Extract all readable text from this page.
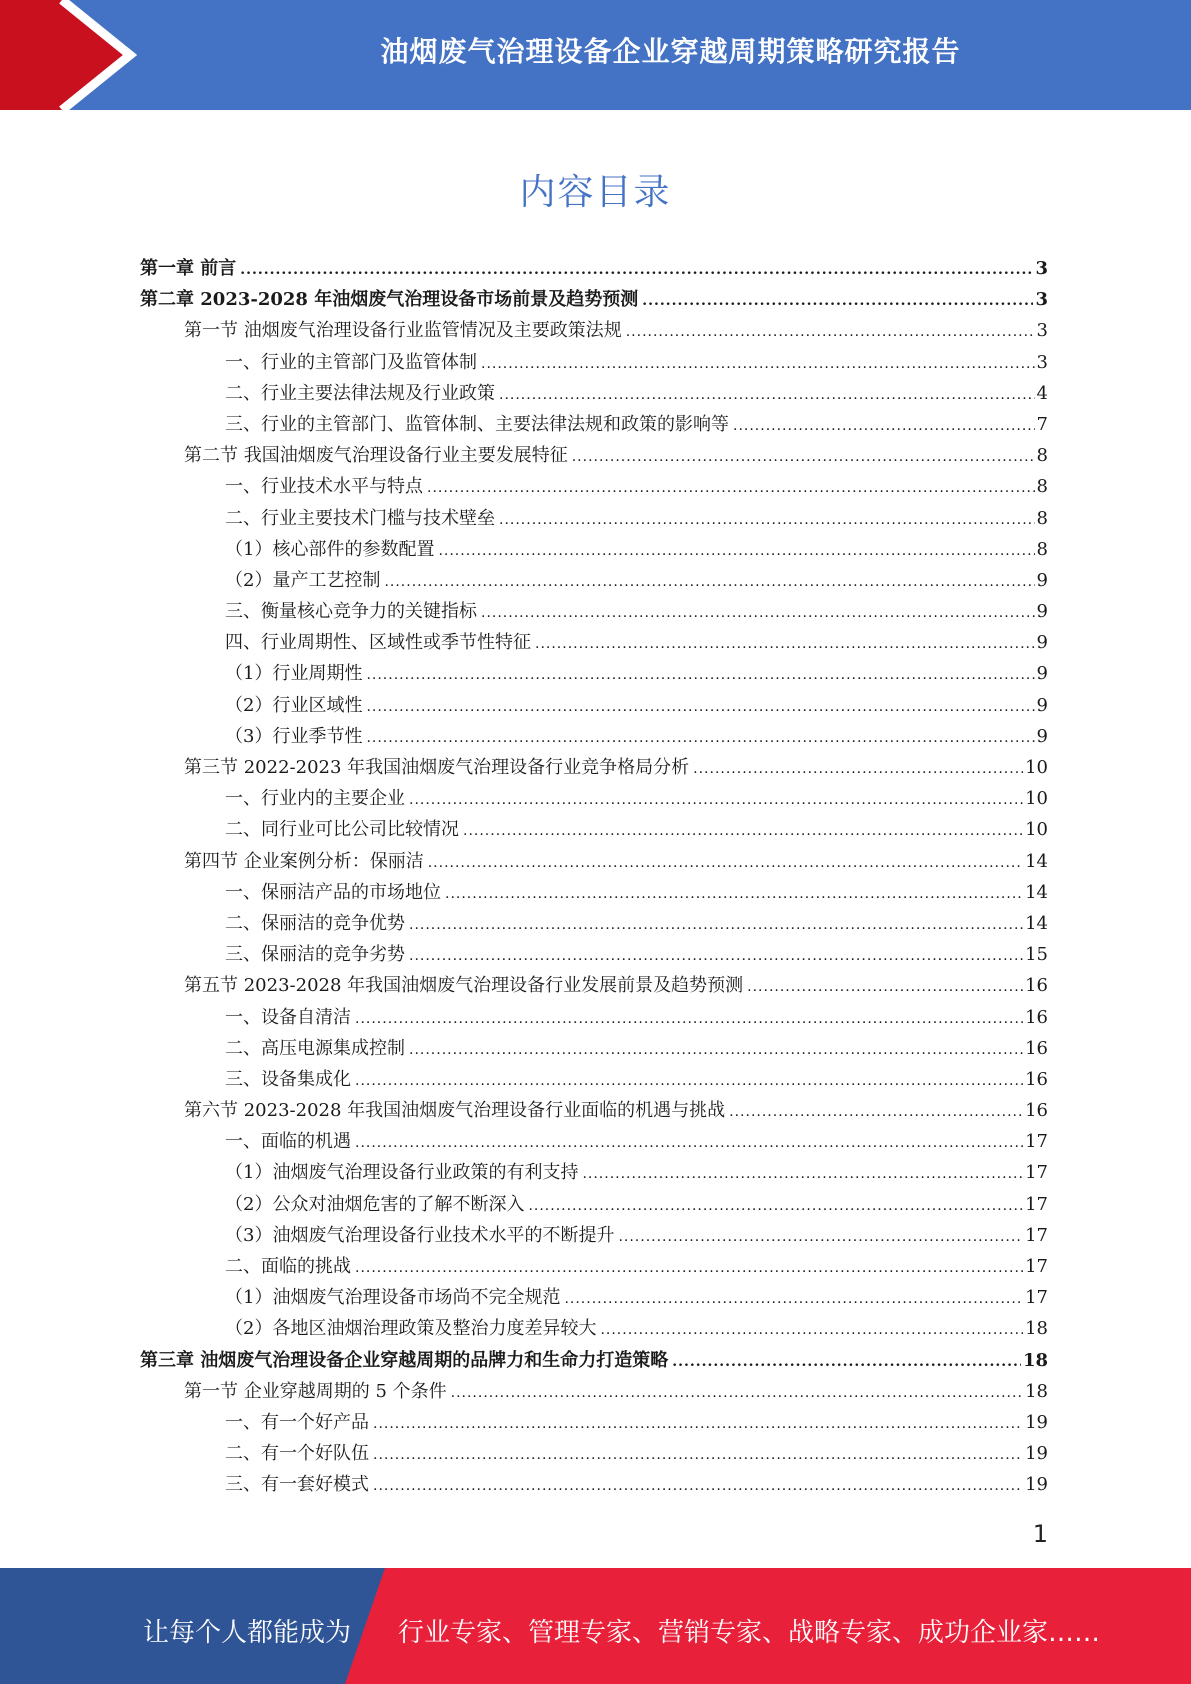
油烟废气治理设备企业穿越周期策略研究报告
内容目录
第一章 前言 .....	3
第二章 2023-2028 年油烟废气治理设备市场前景及趋势预测 .....	3
第一节 油烟废气治理设备行业监管情况及主要政策法规 .....	3
一、行业的主管部门及监管体制 .....	3
二、行业主要法律法规及行业政策 .....	4
三、行业的主管部门、监管体制、主要法律法规和政策的影响等 .....	7
第二节 我国油烟废气治理设备行业主要发展特征 .....	8
一、行业技术水平与特点 .....	8
二、行业主要技术门槛与技术壁垒 .....	8
（1）核心部件的参数配置 .....	8
（2）量产工艺控制 .....	9
三、衡量核心竞争力的关键指标 .....	9
四、行业周期性、区域性或季节性特征 .....	9
（1）行业周期性 .....	9
（2）行业区域性 .....	9
（3）行业季节性 .....	9
第三节 2022-2023 年我国油烟废气治理设备行业竞争格局分析 .....	10
一、行业内的主要企业 .....	10
二、同行业可比公司比较情况 .....	10
第四节 企业案例分析：保丽洁 .....	14
一、保丽洁产品的市场地位 .....	14
二、保丽洁的竞争优势 .....	14
三、保丽洁的竞争劣势 .....	15
第五节 2023-2028 年我国油烟废气治理设备行业发展前景及趋势预测 .....	16
一、设备自清洁 .....	16
二、高压电源集成控制 .....	16
三、设备集成化 .....	16
第六节 2023-2028 年我国油烟废气治理设备行业面临的机遇与挑战 .....	16
一、面临的机遇 .....	17
（1）油烟废气治理设备行业政策的有利支持 .....	17
（2）公众对油烟危害的了解不断深入 .....	17
（3）油烟废气治理设备行业技术水平的不断提升 .....	17
二、面临的挑战 .....	17
（1）油烟废气治理设备市场尚不完全规范 .....	17
（2）各地区油烟治理政策及整治力度差异较大 .....	18
第三章 油烟废气治理设备企业穿越周期的品牌力和生命力打造策略 .....	18
第一节 企业穿越周期的 5 个条件 .....	18
一、有一个好产品 .....	19
二、有一个好队伍 .....	19
三、有一套好模式 .....	19
1
让每个人都能成为 行业专家、管理专家、营销专家、战略专家、成功企业家……
